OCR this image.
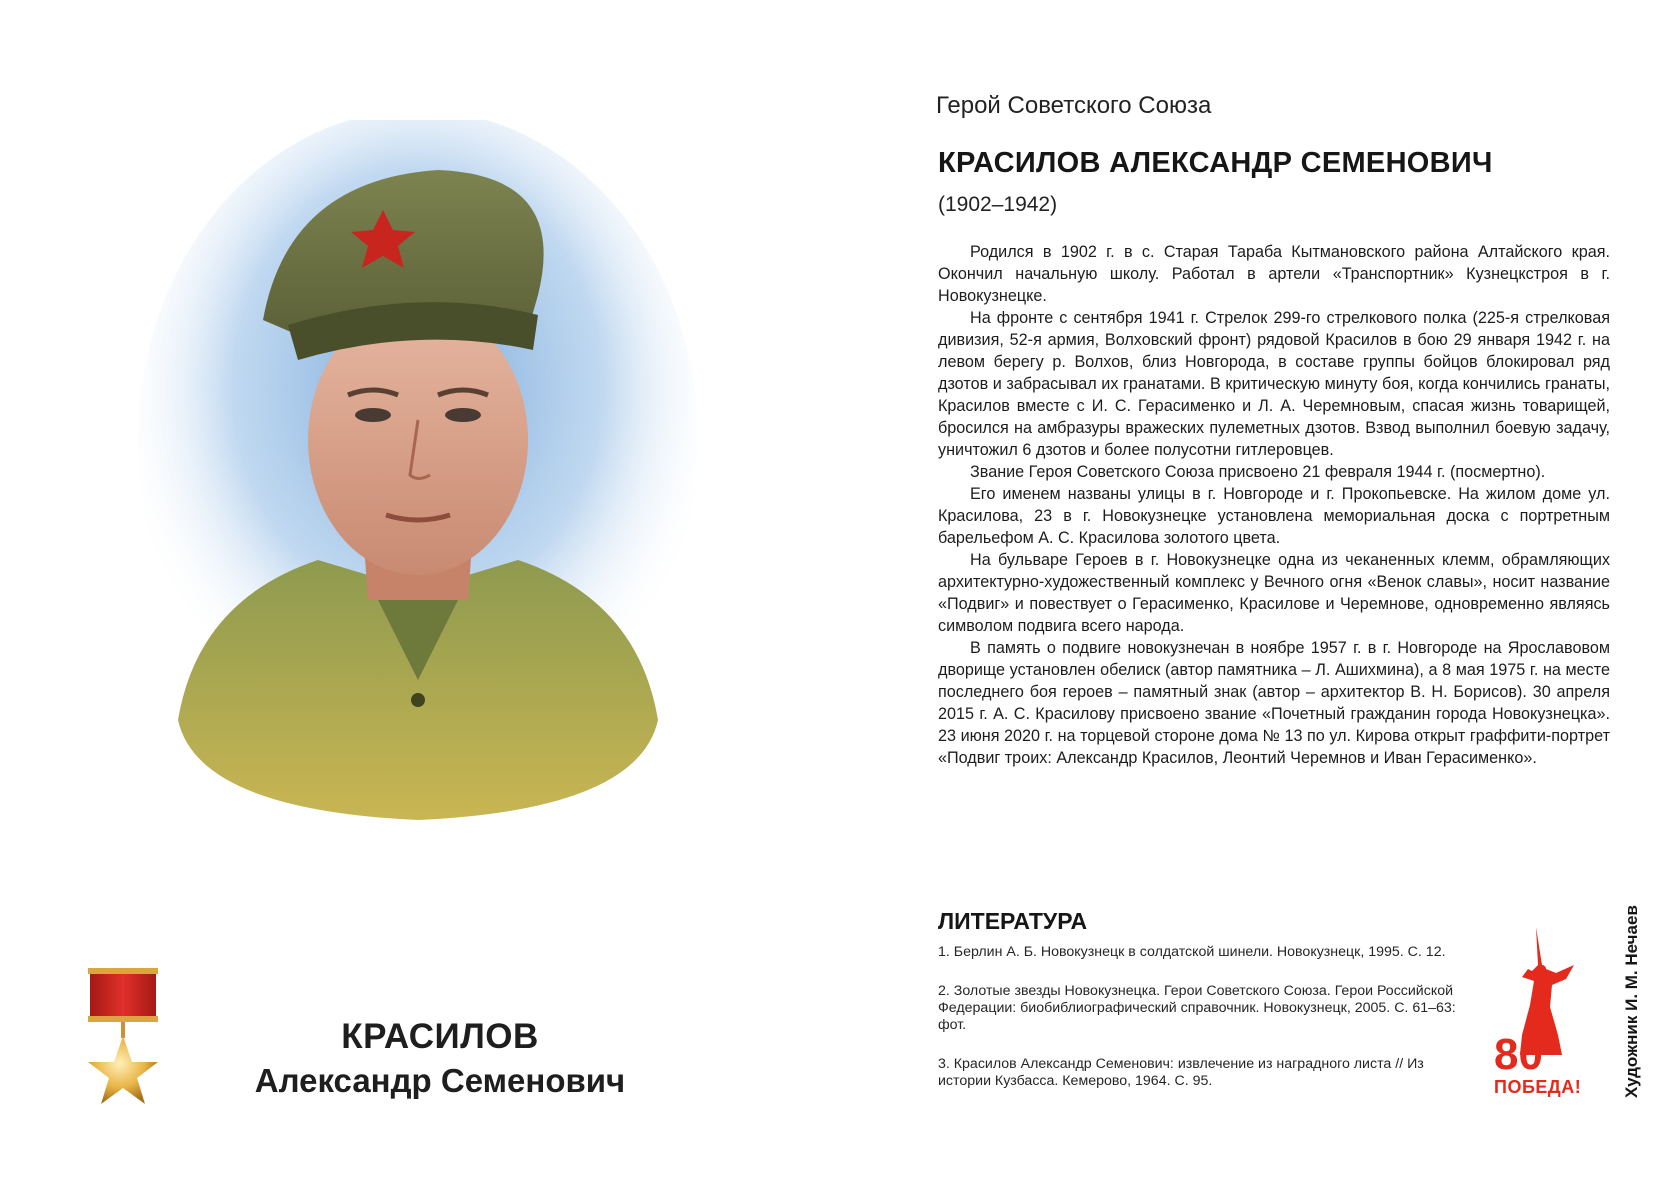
КРАСИЛОВ
Александр Семенович
Герой Советского Союза
КРАСИЛОВ АЛЕКСАНДР СЕМЕНОВИЧ
(1902–1942)

Родился в 1902 г. в с. Старая Тараба Кытмановского района Алтайского края. Окончил начальную школу. Работал в артели «Транспортник» Кузнецкстроя в г. Новокузнецке.

На фронте с сентября 1941 г. Стрелок 299-го стрелкового полка (225-я стрелковая дивизия, 52-я армия, Волховский фронт) рядовой Красилов в бою 29 января 1942 г. на левом берегу р. Волхов, близ Новгорода, в составе группы бойцов блокировал ряд дзотов и забрасывал их гранатами. В критическую минуту боя, когда кончились гранаты, Красилов вместе с И. С. Герасименко и Л. А. Черемновым, спасая жизнь товарищей, бросился на амбразуры вражеских пулеметных дзотов. Взвод выполнил боевую задачу, уничтожил 6 дзотов и более полусотни гитлеровцев.

Звание Героя Советского Союза присвоено 21 февраля 1944 г. (посмертно).

Его именем названы улицы в г. Новгороде и г. Прокопьевске. На жилом доме ул. Красилова, 23 в г. Новокузнецке установлена мемориальная доска с портретным барельефом А. С. Красилова золотого цвета.

На бульваре Героев в г. Новокузнецке одна из чеканенных клемм, обрамляющих архитектурно-художественный комплекс у Вечного огня «Венок славы», носит название «Подвиг» и повествует о Герасименко, Красилове и Черемнове, одновременно являясь символом подвига всего народа.

В память о подвиге новокузнечан в ноябре 1957 г. в г. Новгороде на Ярославовом дворище установлен обелиск (автор памятника – Л. Ашихмина), а 8 мая 1975 г. на месте последнего боя героев – памятный знак (автор – архитектор В. Н. Борисов). 30 апреля 2015 г. А. С. Красилову присвоено звание «Почетный гражданин города Новокузнецка». 23 июня 2020 г. на торцевой стороне дома № 13 по ул. Кирова открыт граффити-портрет «Подвиг троих: Александр Красилов, Леонтий Черемнов и Иван Герасименко».

ЛИТЕРАТУРА
1. Берлин А. Б. Новокузнецк в солдатской шинели. Новокузнецк, 1995. С. 12.
2. Золотые звезды Новокузнецка. Герои Советского Союза. Герои Российской Федерации: биобиблиографический справочник. Новокузнецк, 2005. С. 61–63: фот.
3. Красилов Александр Семенович: извлечение из наградного листа // Из истории Кузбасса. Кемерово, 1964. С. 95.
80
ПОБЕДА! Художник И. М. Нечаев
